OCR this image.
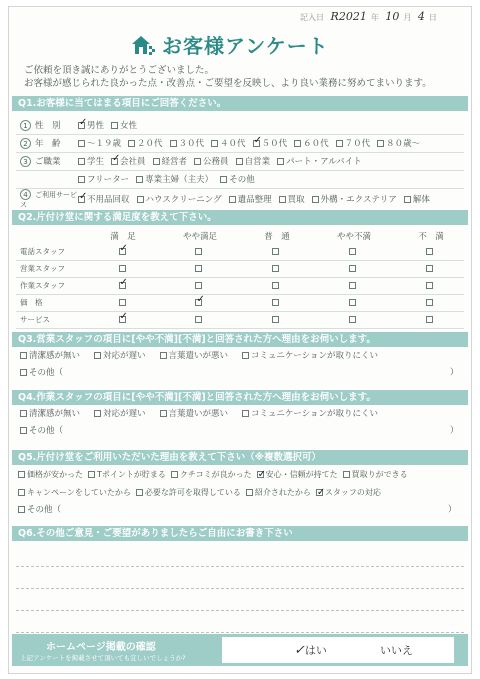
記入日 R2021 年 10 月 4 日
お客様アンケート
ご依頼を頂き誠にありがとうございました。
お客様が感じられた良かった点・改善点・ご要望を反映し、より良い業務に努めてまいります。
Q1.お客様に当てはまる項目にご回答ください。
1 性　別	✓男性 女性
2 年　齢	～１９歳 ２０代 ３０代 ４０代 ✓ ５０代 ６０代 ７０代 ８０歳～
3 ご職業	学生 ✓ 会社員 経営者 公務員 自営業 パート・アルバイト
	フリーター 専業主婦（主夫） その他
4 ご利用サービス	✓不用品回収 ハウスクリーニング 遺品整理 買取 外構・エクステリア 解体
Q2.片付け堂に関する満足度を教えて下さい。
	満　足	やや満足	普　通	やや不満	不　満
電話スタッフ	✓				
営業スタッフ					
作業スタッフ	✓				
価　格		✓			
サービス	✓				
Q3.営業スタッフの項目に[やや不満][不満]と回答された方へ理由をお伺いします。
清潔感が無い	対応が遅い	言葉遣いが悪い	コミュニケーションが取りにくい
その他（	）
Q4.作業スタッフの項目に[やや不満][不満]と回答された方へ理由をお伺いします。
清潔感が無い	対応が遅い	言葉遣いが悪い	コミュニケーションが取りにくい
その他（	）
Q5.片付け堂をご利用いただいた理由を教えて下さい（※複数選択可）
価格が安かった Tポイントが貯まる クチコミが良かった ✓ 安心・信頼が持てた 買取りができる
キャンペーンをしていたから 必要な許可を取得している 紹介されたから ✓ スタッフの対応
その他（	）
Q6.その他ご意見・ご要望がありましたらご自由にお書き下さい
ホームページ掲載の確認
上記アンケートを掲載させて頂いても宜しいでしょうか?	✓はい	いいえ
